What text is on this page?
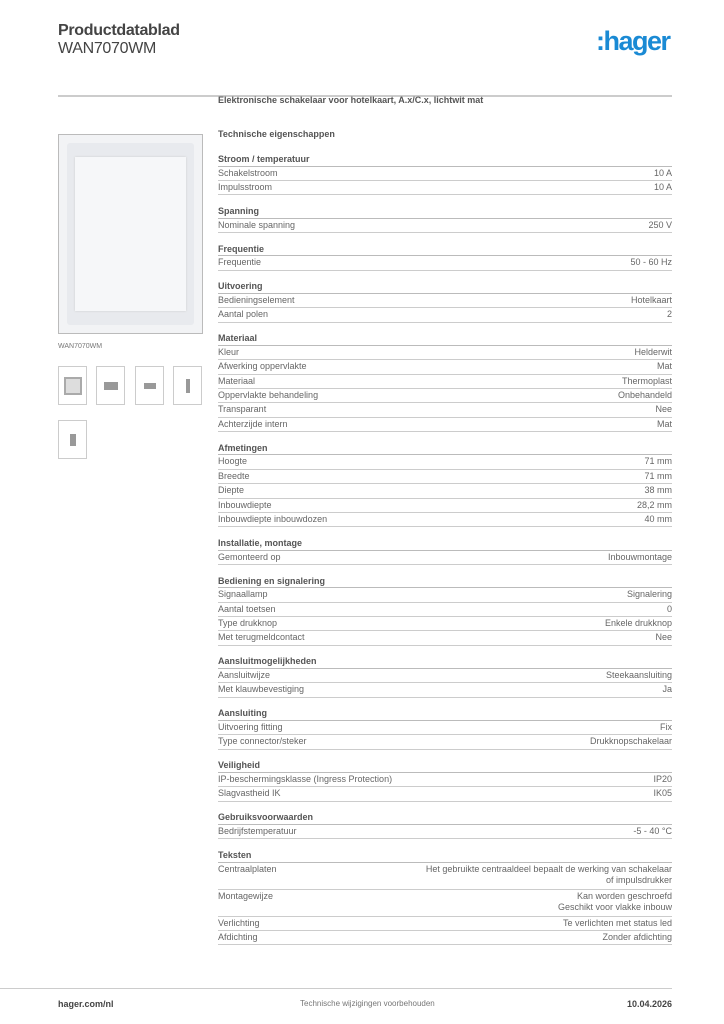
Productdatablad
WAN7070WM	:hager
WAN7070WM
Elektronische schakelaar voor hotelkaart, A.x/C.x, lichtwit mat
Technische eigenschappen
Stroom / temperatuur
Schakelstroom	10 A
Impulsstroom	10 A
Spanning
Nominale spanning	250 V
Frequentie
Frequentie	50 - 60 Hz
Uitvoering
Bedieningselement	Hotelkaart
Aantal polen	2
Materiaal
Kleur	Helderwit
Afwerking oppervlakte	Mat
Materiaal	Thermoplast
Oppervlakte behandeling	Onbehandeld
Transparant	Nee
Achterzijde intern	Mat
Afmetingen
Hoogte	71 mm
Breedte	71 mm
Diepte	38 mm
Inbouwdiepte	28,2 mm
Inbouwdiepte inbouwdozen	40 mm
Installatie, montage
Gemonteerd op	Inbouwmontage
Bediening en signalering
Signaallamp	Signalering
Aantal toetsen	0
Type drukknop	Enkele drukknop
Met terugmeldcontact	Nee
Aansluitmogelijkheden
Aansluitwijze	Steekaansluiting
Met klauwbevestiging	Ja
Aansluiting
Uitvoering fitting	Fix
Type connector/steker	Drukknopschakelaar
Veiligheid
IP-beschermingsklasse (Ingress Protection)	IP20
Slagvastheid IK	IK05
Gebruiksvoorwaarden
Bedrijfstemperatuur	-5 - 40 °C
Teksten
Centraalplaten	Het gebruikte centraaldeel bepaalt de werking van schakelaar
of impulsdrukker
Montagewijze	Kan worden geschroefd
Geschikt voor vlakke inbouw
Verlichting	Te verlichten met status led
Afdichting	Zonder afdichting
hager.com/nl	Technische wijzigingen voorbehouden	10.04.2026
